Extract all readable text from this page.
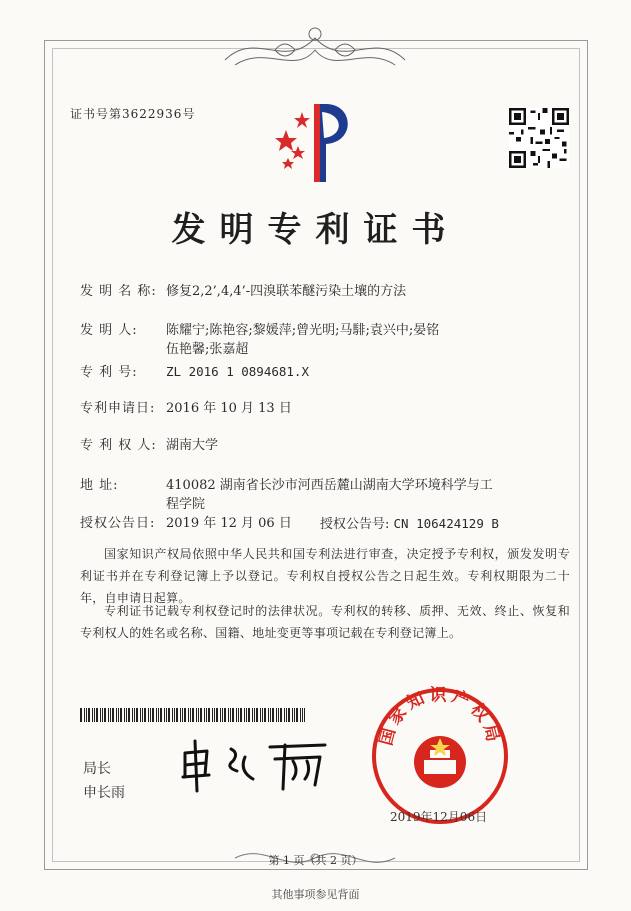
证书号第3622936号
发明专利证书
发 明 名 称: 修复2,2’,4,4’-四溴联苯醚污染土壤的方法
发 明 人: 陈耀宁;陈艳容;黎媛萍;曾光明;马騑;袁兴中;晏铭
伍艳馨;张嘉超
专 利 号: ZL 2016 1 0894681.X
专利申请日: 2016 年 10 月 13 日
专 利 权 人: 湖南大学
地 址:	410082 湖南省长沙市河西岳麓山湖南大学环境科学与工
程学院
授权公告日: 2019 年 12 月 06 日 授权公告号: CN 106424129 B
国家知识产权局依照中华人民共和国专利法进行审查，决定授予专利权，颁发发明专利证书并在专利登记簿上予以登记。专利权自授权公告之日起生效。专利权期限为二十年，自申请日起算。
专利证书记载专利权登记时的法律状况。专利权的转移、质押、无效、终止、恢复和专利权人的姓名或名称、国籍、地址变更等事项记载在专利登记簿上。
局长
申长雨
国家知识产权局
2019年12月06日
第 1 页（共 2 页）
其他事项参见背面
